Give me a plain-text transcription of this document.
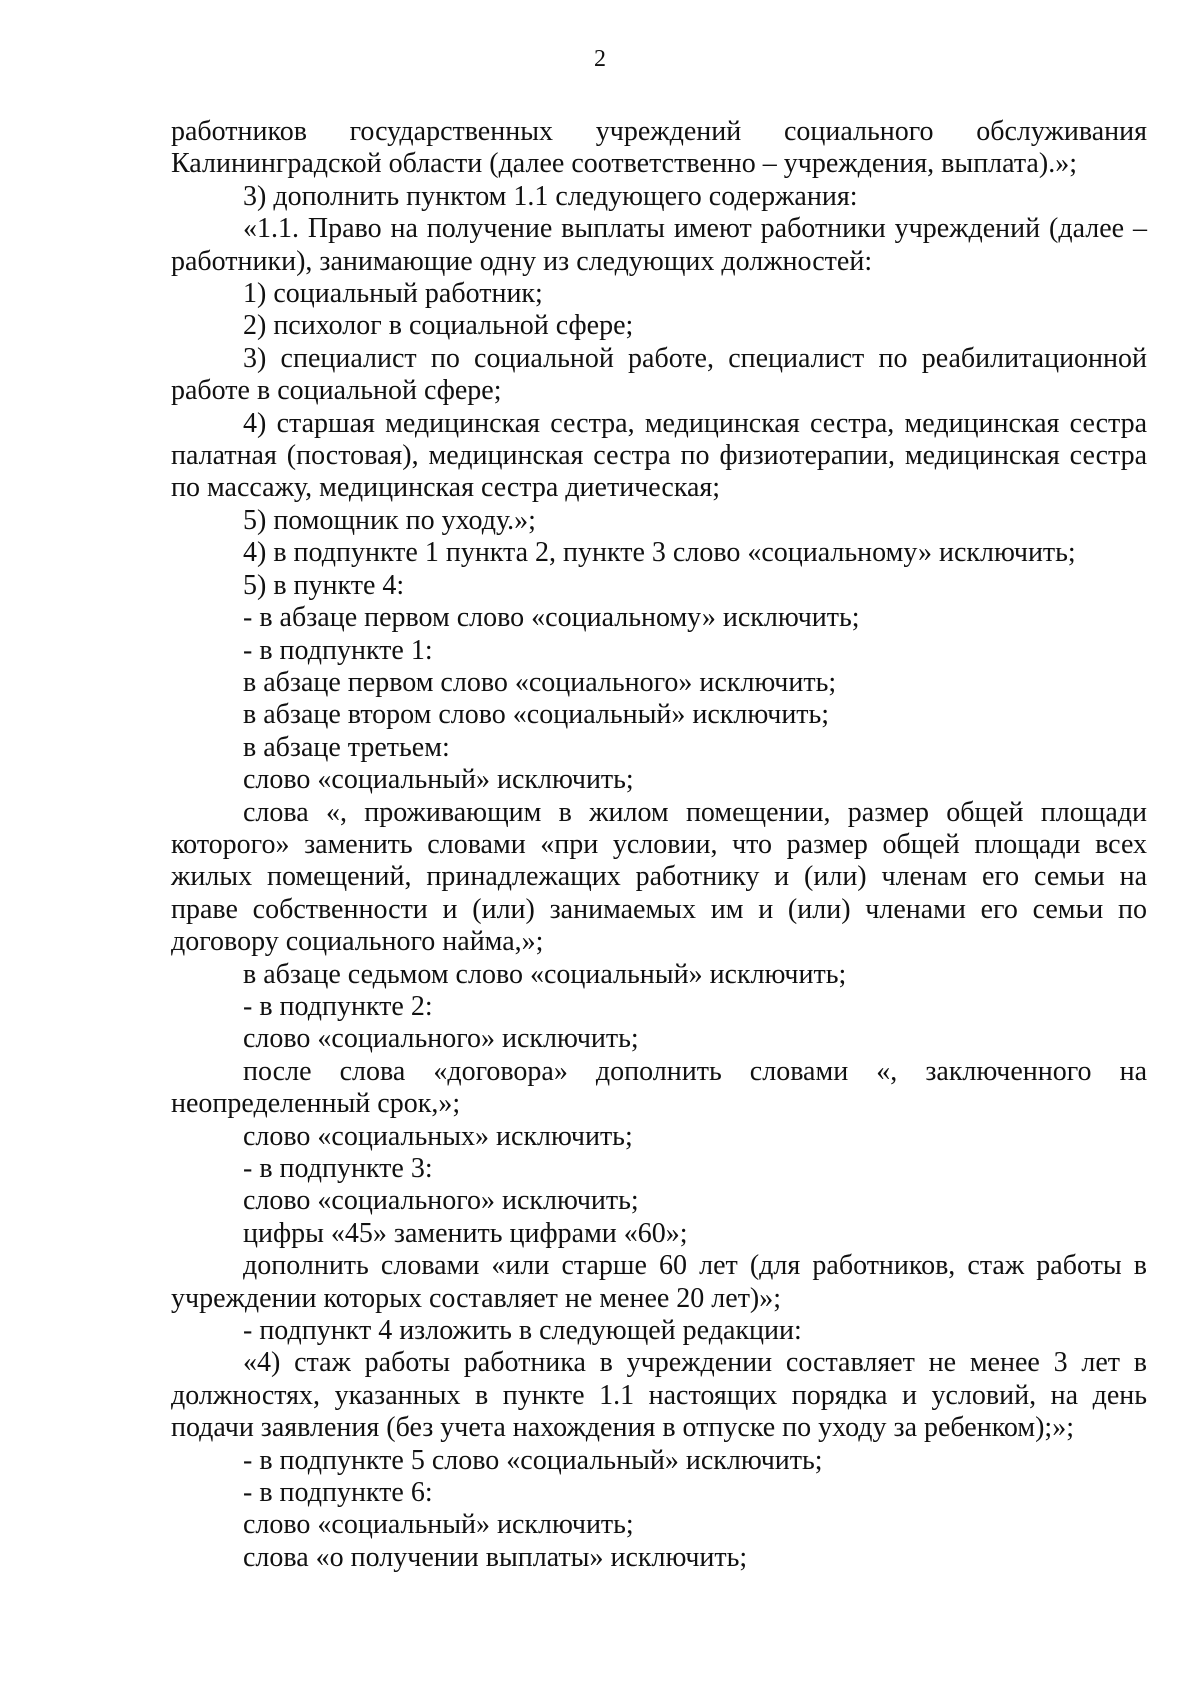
2

работников государственных учреждений социального обслуживания Калининградской области (далее соответственно – учреждения, выплата).»;

3) дополнить пунктом 1.1 следующего содержания:

«1.1. Право на получение выплаты имеют работники учреждений (далее – работники), занимающие одну из следующих должностей:

1) социальный работник;

2) психолог в социальной сфере;

3) специалист по социальной работе, специалист по реабилитационной работе в социальной сфере;

4) старшая медицинская сестра, медицинская сестра, медицинская сестра палатная (постовая), медицинская сестра по физиотерапии, медицинская сестра по массажу, медицинская сестра диетическая;

5) помощник по уходу.»;

4) в подпункте 1 пункта 2, пункте 3 слово «социальному» исключить;

5) в пункте 4:

- в абзаце первом слово «социальному» исключить;

- в подпункте 1:

в абзаце первом слово «социального» исключить;

в абзаце втором слово «социальный» исключить;

в абзаце третьем:

слово «социальный» исключить;

слова «, проживающим в жилом помещении, размер общей площади которого» заменить словами «при условии, что размер общей площади всех жилых помещений, принадлежащих работнику и (или) членам его семьи на праве собственности и (или) занимаемых им и (или) членами его семьи по договору социального найма,»;

в абзаце седьмом слово «социальный» исключить;

- в подпункте 2:

слово «социального» исключить;

после слова «договора» дополнить словами «, заключенного на неопределенный срок,»;

слово «социальных» исключить;

- в подпункте 3:

слово «социального» исключить;

цифры «45» заменить цифрами «60»;

дополнить словами «или старше 60 лет (для работников, стаж работы в учреждении которых составляет не менее 20 лет)»;

- подпункт 4 изложить в следующей редакции:

«4) стаж работы работника в учреждении составляет не менее 3 лет в должностях, указанных в пункте 1.1 настоящих порядка и условий, на день подачи заявления (без учета нахождения в отпуске по уходу за ребенком);»;

- в подпункте 5 слово «социальный» исключить;

- в подпункте 6:

слово «социальный» исключить;

слова «о получении выплаты» исключить;
